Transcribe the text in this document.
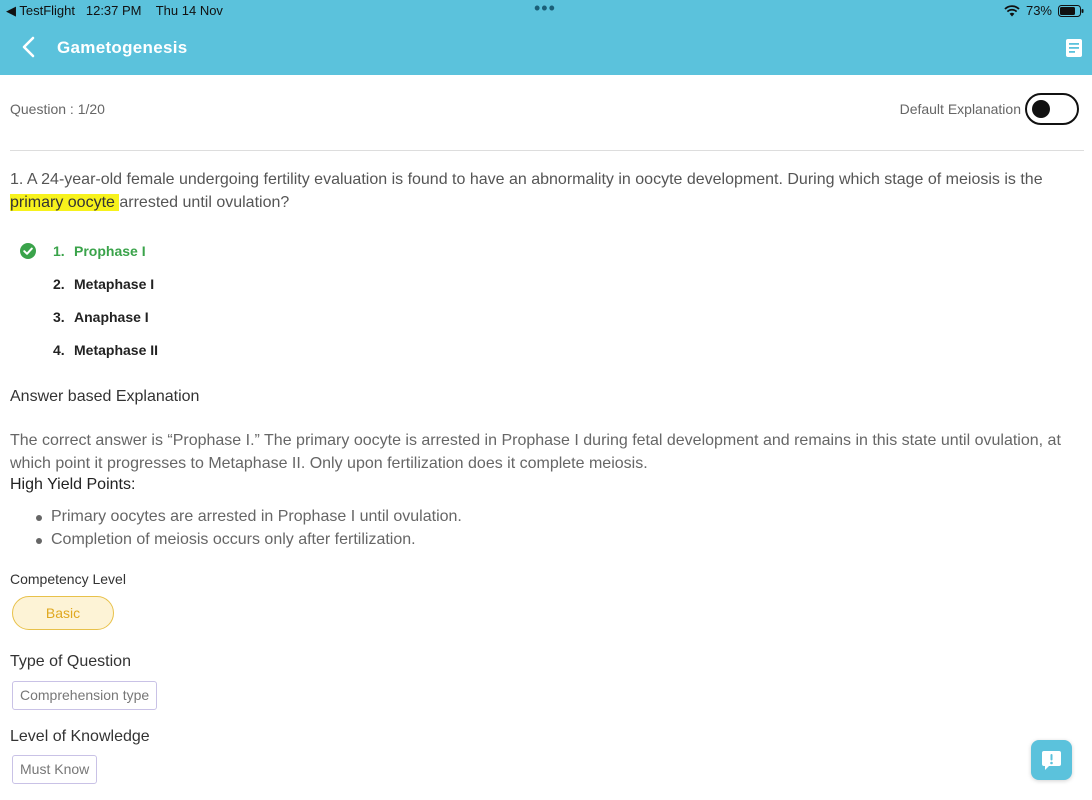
◀ TestFlight 12:37 PM Thu 14 Nov	•••	73%
Gametogenesis
Question : 1/20	Default Explanation
1. A 24-year-old female undergoing fertility evaluation is found to have an abnormality in oocyte development. During which stage of meiosis is the primary oocyte arrested until ovulation?
1. Prophase I
2. Metaphase I
3. Anaphase I
4. Metaphase II
Answer based Explanation
The correct answer is “Prophase I.” The primary oocyte is arrested in Prophase I during fetal development and remains in this state until ovulation, at which point it progresses to Metaphase II. Only upon fertilization does it complete meiosis.
High Yield Points:
Primary oocytes are arrested in Prophase I until ovulation.
Completion of meiosis occurs only after fertilization.
Competency Level
Basic
Type of Question
Comprehension type
Level of Knowledge
Must Know
